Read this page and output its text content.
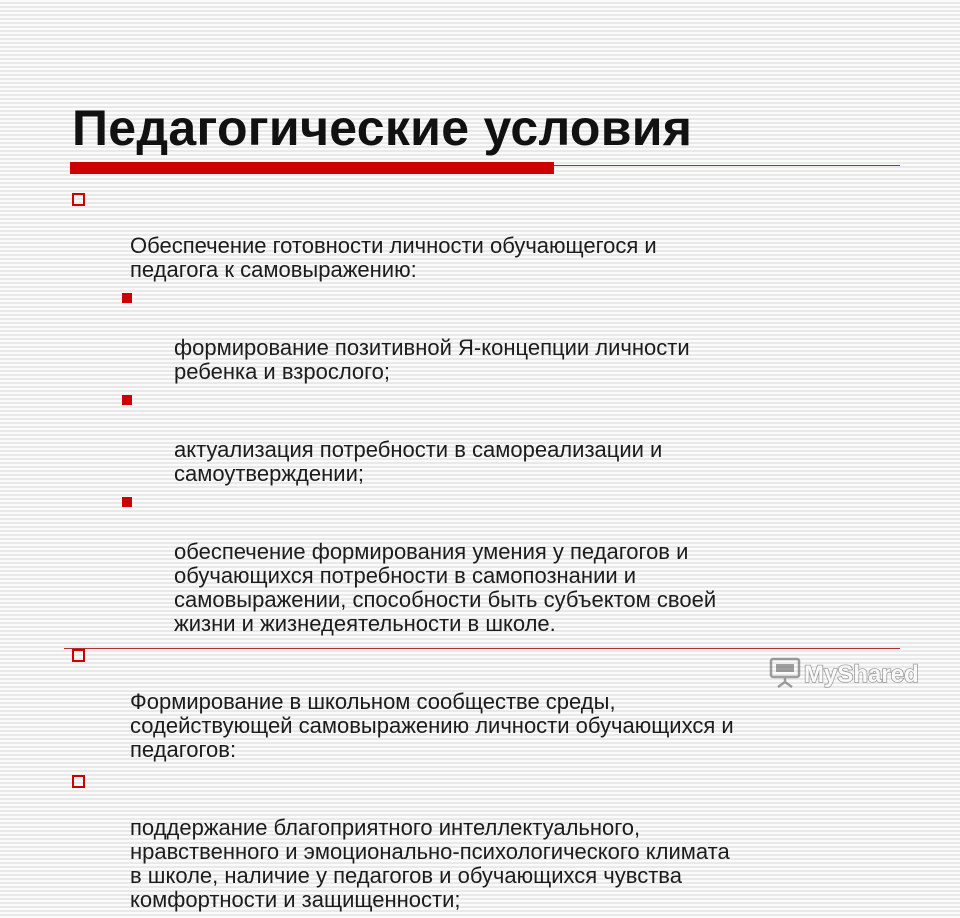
Педагогические условия

Обеспечение готовности личности обучающегося и
педагога к самовыражению:

формирование позитивной Я-концепции личности
ребенка и взрослого;

актуализация потребности в самореализации и
самоутверждении;

обеспечение формирования умения у педагогов и
обучающихся потребности в самопознании и
самовыражении, способности быть субъектом своей
жизни и жизнедеятельности в школе.

Формирование в школьном сообществе среды,
содействующей самовыражению личности обучающихся и
педагогов:

поддержание благоприятного интеллектуального,
нравственного и эмоционально-психологического климата
в школе, наличие у педагогов и обучающихся чувства
комфортности и защищенности;

MyShared
